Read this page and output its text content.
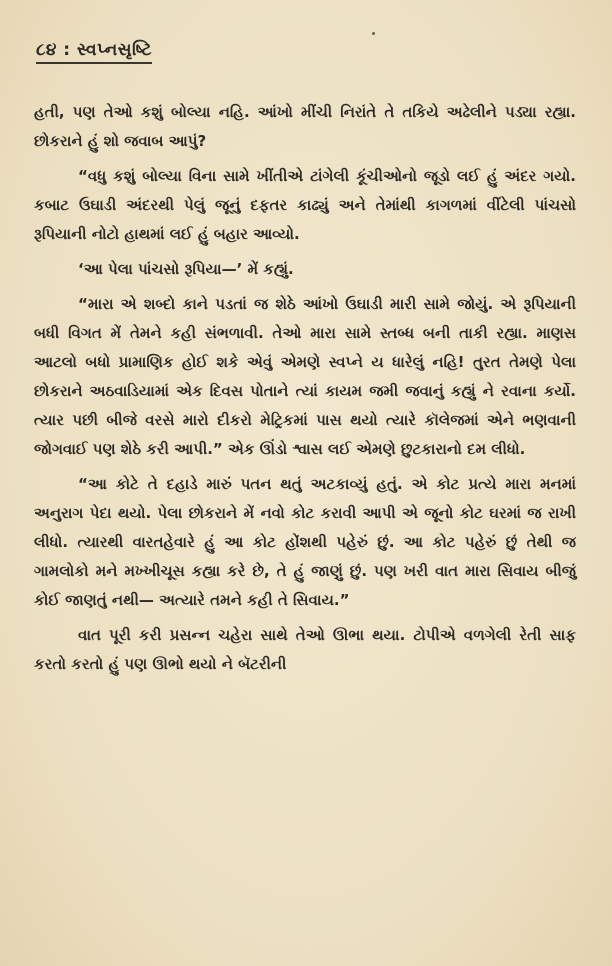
૮૪ : સ્વપ્નસૃષ્ટિ

હતી, પણ તેઓ કશું બોલ્યા નહિ. આંખો મીંચી નિરાંતે તે તકિયે અઢેલીને પડ્યા રહ્યા. છોકરાને હું શો જવાબ આપું?

“વધુ કશું બોલ્યા વિના સામે ખીંતીએ ટાંગેલી કૂંચીઓનો જૂડો લઈ હું અંદર ગયો. કબાટ ઉઘાડી અંદરથી પેલું જૂનું દફતર કાઢ્યું અને તેમાંથી કાગળમાં વીંટેલી પાંચસો રૂપિયાની નોટો હાથમાં લઈ હું બહાર આવ્યો.

‘આ પેલા પાંચસો રૂપિયા—’ મેં કહ્યું.

“મારા એ શબ્દો કાને પડતાં જ શેઠે આંખો ઉઘાડી મારી સામે જોયું. એ રૂપિયાની બધી વિગત મેં તેમને કહી સંભળાવી. તેઓ મારા સામે સ્તબ્ધ બની તાકી રહ્યા. માણસ આટલો બધો પ્રામાણિક હોઈ શકે એવું એમણે સ્વપ્ને ય ધારેલું નહિ! તુરત તેમણે પેલા છોકરાને અઠવાડિયામાં એક દિવસ પોતાને ત્યાં કાયમ જમી જવાનું કહ્યું ને રવાના કર્યો. ત્યાર પછી બીજે વરસે મારો દીકરો મેટ્રિકમાં પાસ થયો ત્યારે કૉલેજમાં એને ભણવાની જોગવાઈ પણ શેઠે કરી આપી.” એક ઊંડો શ્વાસ લઈ એમણે છુટકારાનો દમ લીધો.

“આ કોટે તે દહાડે મારું પતન થતું અટકાવ્યું હતું. એ કોટ પ્રત્યે મારા મનમાં અનુરાગ પેદા થયો. પેલા છોકરાને મેં નવો કોટ કરાવી આપી એ જૂનો કોટ ઘરમાં જ રાખી લીધો. ત્યારથી વારતહેવારે હું આ કોટ હોંશથી પહેરું છું. આ કોટ પહેરું છું તેથી જ ગામલોકો મને મખ્ખીચૂસ કહ્યા કરે છે, તે હું જાણું છું. પણ ખરી વાત મારા સિવાય બીજું કોઈ જાણતું નથી— અત્યારે તમને કહી તે સિવાય.”

વાત પૂરી કરી પ્રસન્ન ચહેરા સાથે તેઓ ઊભા થયા. ટોપીએ વળગેલી રેતી સાફ કરતો કરતો હું પણ ઊભો થયો ને બૅટરીની
